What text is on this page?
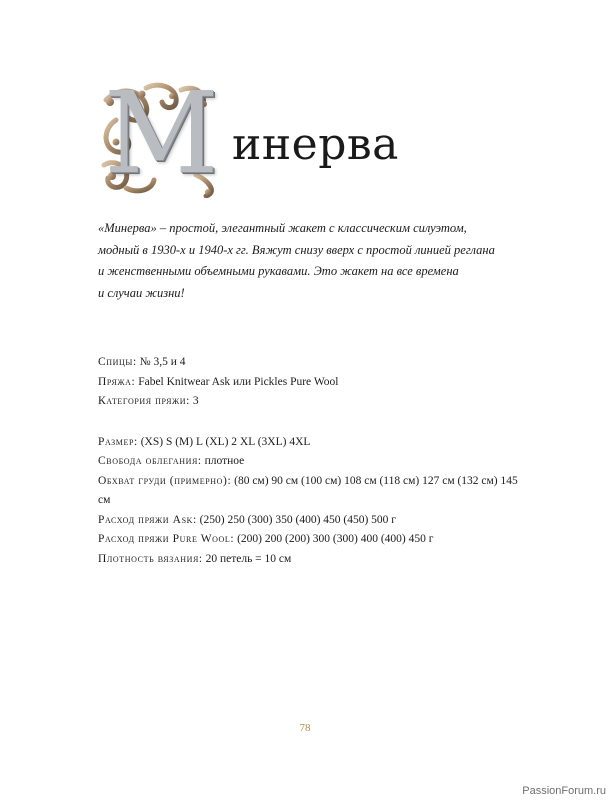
М инерва

«Минерва» – простой, элегантный жакет с классическим силуэтом,

модный в 1930-х и 1940-х гг. Вяжут снизу вверх с простой линией реглана

и женственными объемными рукавами. Это жакет на все времена

и случаи жизни!

Спицы: № 3,5 и 4

Пряжа: Fabel Knitwear Ask или Pickles Pure Wool

Категория пряжи: 3

Размер: (XS) S (M) L (XL) 2 XL (3XL) 4XL

Свобода облегания: плотное

Обхват груди (примерно): (80 см) 90 см (100 см) 108 см (118 см) 127 см (132 см) 145 см

Расход пряжи Ask: (250) 250 (300) 350 (400) 450 (450) 500 г

Расход пряжи Pure Wool: (200) 200 (200) 300 (300) 400 (400) 450 г

Плотность вязания: 20 петель = 10 см

78
PassionForum.ru
